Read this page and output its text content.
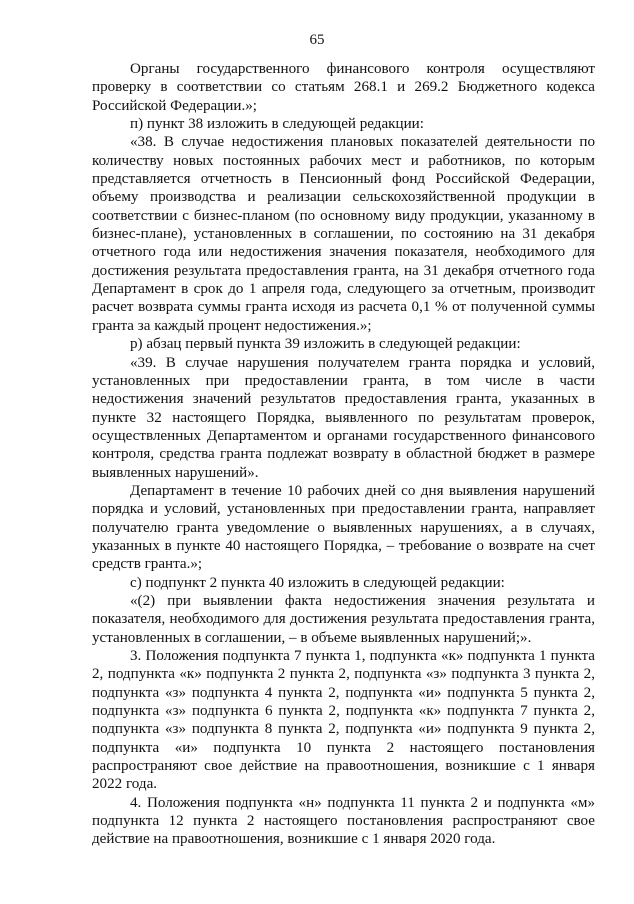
65

Органы государственного финансового контроля осуществляют проверку в соответствии со статьям 268.1 и 269.2 Бюджетного кодекса Российской Федерации.»;

п) пункт 38 изложить в следующей редакции:

«38. В случае недостижения плановых показателей деятельности по количеству новых постоянных рабочих мест и работников, по которым представляется отчетность в Пенсионный фонд Российской Федерации, объему производства и реализации сельскохозяйственной продукции в соответствии с бизнес-планом (по основному виду продукции, указанному в бизнес-плане), установленных в соглашении, по состоянию на 31 декабря отчетного года или недостижения значения показателя, необходимого для достижения результата предоставления гранта, на 31 декабря отчетного года Департамент в срок до 1 апреля года, следующего за отчетным, производит расчет возврата суммы гранта исходя из расчета 0,1 % от полученной суммы гранта за каждый процент недостижения.»;

р) абзац первый пункта 39 изложить в следующей редакции:

«39. В случае нарушения получателем гранта порядка и условий, установленных при предоставлении гранта, в том числе в части недостижения значений результатов предоставления гранта, указанных в пункте 32 настоящего Порядка, выявленного по результатам проверок, осуществленных Департаментом и органами государственного финансового контроля, средства гранта подлежат возврату в областной бюджет в размере выявленных нарушений».

Департамент в течение 10 рабочих дней со дня выявления нарушений порядка и условий, установленных при предоставлении гранта, направляет получателю гранта уведомление о выявленных нарушениях, а в случаях, указанных в пункте 40 настоящего Порядка, – требование о возврате на счет средств гранта.»;

с) подпункт 2 пункта 40 изложить в следующей редакции:

«(2) при выявлении факта недостижения значения результата и показателя, необходимого для достижения результата предоставления гранта, установленных в соглашении, – в объеме выявленных нарушений;».

3. Положения подпункта 7 пункта 1, подпункта «к» подпункта 1 пункта 2, подпункта «к» подпункта 2 пункта 2, подпункта «з» подпункта 3 пункта 2, подпункта «з» подпункта 4 пункта 2, подпункта «и» подпункта 5 пункта 2, подпункта «з» подпункта 6 пункта 2, подпункта «к» подпункта 7 пункта 2, подпункта «з» подпункта 8 пункта 2, подпункта «и» подпункта 9 пункта 2, подпункта «и» подпункта 10 пункта 2 настоящего постановления распространяют свое действие на правоотношения, возникшие с 1 января 2022 года.

4. Положения подпункта «н» подпункта 11 пункта 2 и подпункта «м» подпункта 12 пункта 2 настоящего постановления распространяют свое действие на правоотношения, возникшие с 1 января 2020 года.
